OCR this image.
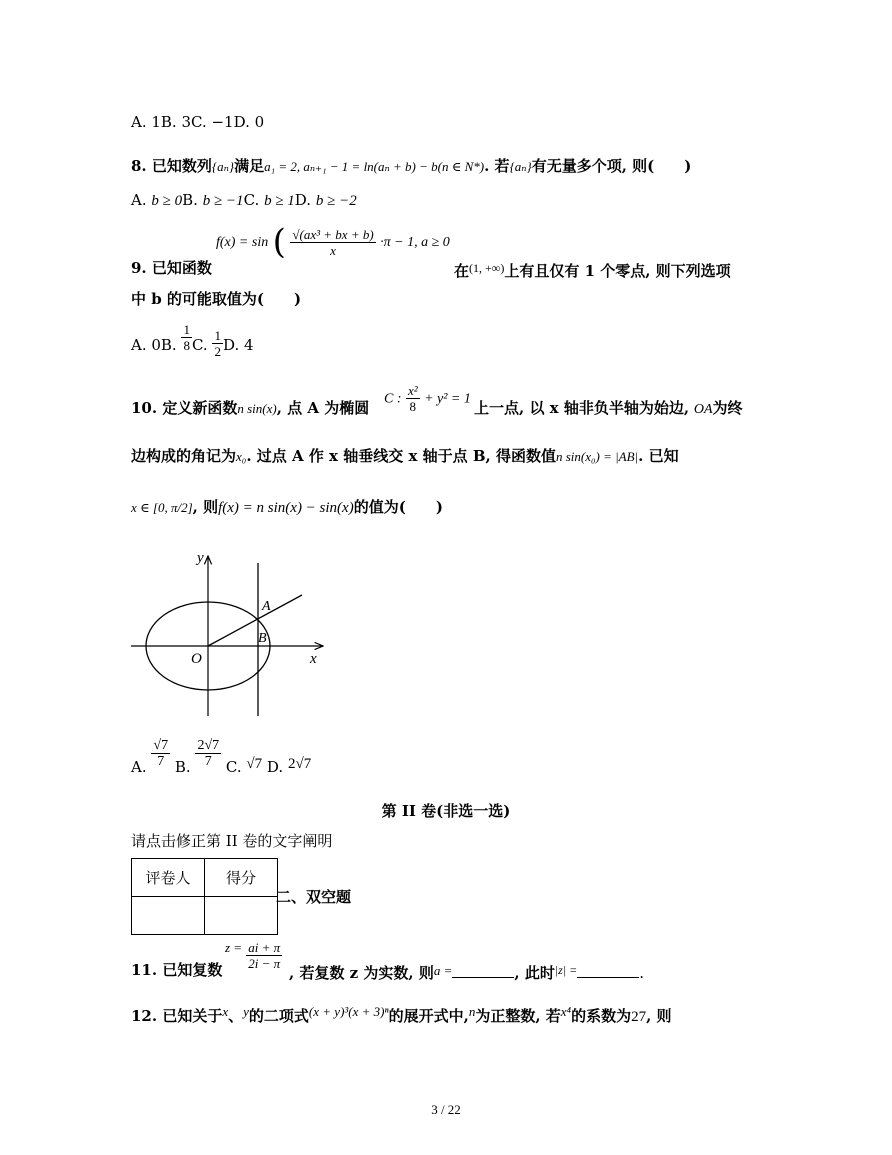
A. 1B. 3C. −1D. 0
8. 已知数列{aₙ}满足a₁ = 2, aₙ₊₁ − 1 = ln(aₙ + b) − b(n ∈ N*). 若{aₙ}有无量多个项, 则(　　)
A. b ≥ 0B. b ≥ −1C. b ≥ 1D. b ≥ −2
f(x) = sin ( $\frac{\text{√(ax³ + bx + b)}}{x} \cdot\pi - 1$, a ≥ 0
9. 已知函数	在$^{(1, +\infty)}$上有且仅有 1 个零点, 则下列选项
中 b 的可能取值为(　　)
A. 0B. $\frac{1}{8} C$. $\frac{1}{2} D$. 4
10. 定义新函数n sin(x), 点 A 为椭圆 C : $\frac{\text{x²}}{8} + y^2 = 1$ 上一点, 以 x 轴非负半轴为始边, OA为终
边构成的角记为x₀. 过点 A 作 x 轴垂线交 x 轴于点 B, 得函数值n sin(x₀) = |AB|. 已知
x ∈ [0, π/2], 则f(x) = n sin(x) − sin(x)的值为(　　)
y
x
O
A
B
A. $\frac{√7}{7} B$. $\frac{2√7}{7} C$. √7 D. 2√7
第 II 卷(非选一选)
请点击修正第 II 卷的文字阐明
评卷人	得分

二、双空题
11. 已知复数
$z = \frac{ai + \pi}{2i - \pi}$
, 若复数 z 为实数, 则a =	, 此时$^{|z| =}$	.
12. 已知关于x、y的二项式(x + y)³(x + 3)ⁿ的展开式中,n为正整数, 若x⁴的系数为27, 则
3 / 22
